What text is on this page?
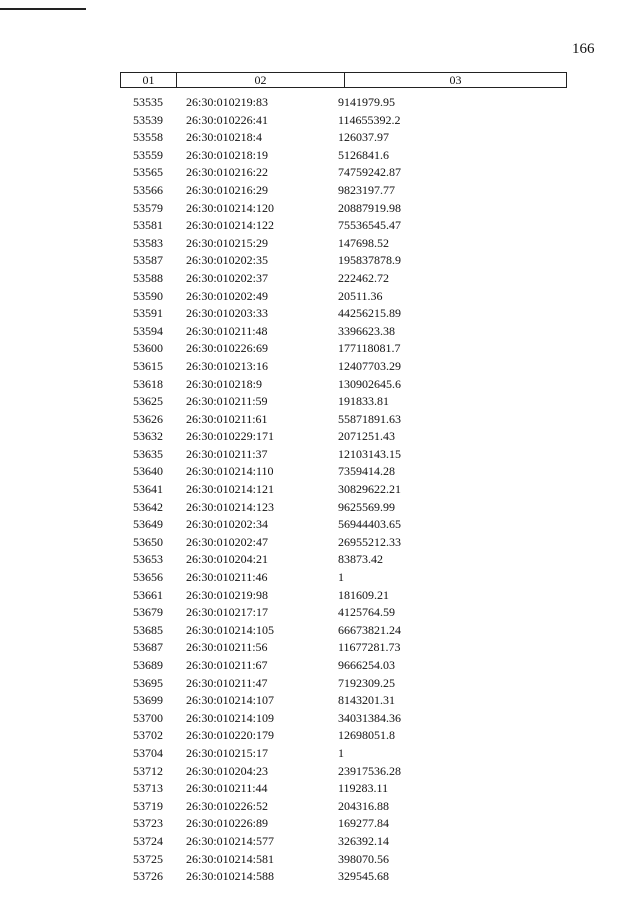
166
01	02	03
53535	26:30:010219:83	9141979.95
53539	26:30:010226:41	114655392.2
53558	26:30:010218:4	126037.97
53559	26:30:010218:19	5126841.6
53565	26:30:010216:22	74759242.87
53566	26:30:010216:29	9823197.77
53579	26:30:010214:120	20887919.98
53581	26:30:010214:122	75536545.47
53583	26:30:010215:29	147698.52
53587	26:30:010202:35	195837878.9
53588	26:30:010202:37	222462.72
53590	26:30:010202:49	20511.36
53591	26:30:010203:33	44256215.89
53594	26:30:010211:48	3396623.38
53600	26:30:010226:69	177118081.7
53615	26:30:010213:16	12407703.29
53618	26:30:010218:9	130902645.6
53625	26:30:010211:59	191833.81
53626	26:30:010211:61	55871891.63
53632	26:30:010229:171	2071251.43
53635	26:30:010211:37	12103143.15
53640	26:30:010214:110	7359414.28
53641	26:30:010214:121	30829622.21
53642	26:30:010214:123	9625569.99
53649	26:30:010202:34	56944403.65
53650	26:30:010202:47	26955212.33
53653	26:30:010204:21	83873.42
53656	26:30:010211:46	1
53661	26:30:010219:98	181609.21
53679	26:30:010217:17	4125764.59
53685	26:30:010214:105	66673821.24
53687	26:30:010211:56	11677281.73
53689	26:30:010211:67	9666254.03
53695	26:30:010211:47	7192309.25
53699	26:30:010214:107	8143201.31
53700	26:30:010214:109	34031384.36
53702	26:30:010220:179	12698051.8
53704	26:30:010215:17	1
53712	26:30:010204:23	23917536.28
53713	26:30:010211:44	119283.11
53719	26:30:010226:52	204316.88
53723	26:30:010226:89	169277.84
53724	26:30:010214:577	326392.14
53725	26:30:010214:581	398070.56
53726	26:30:010214:588	329545.68
